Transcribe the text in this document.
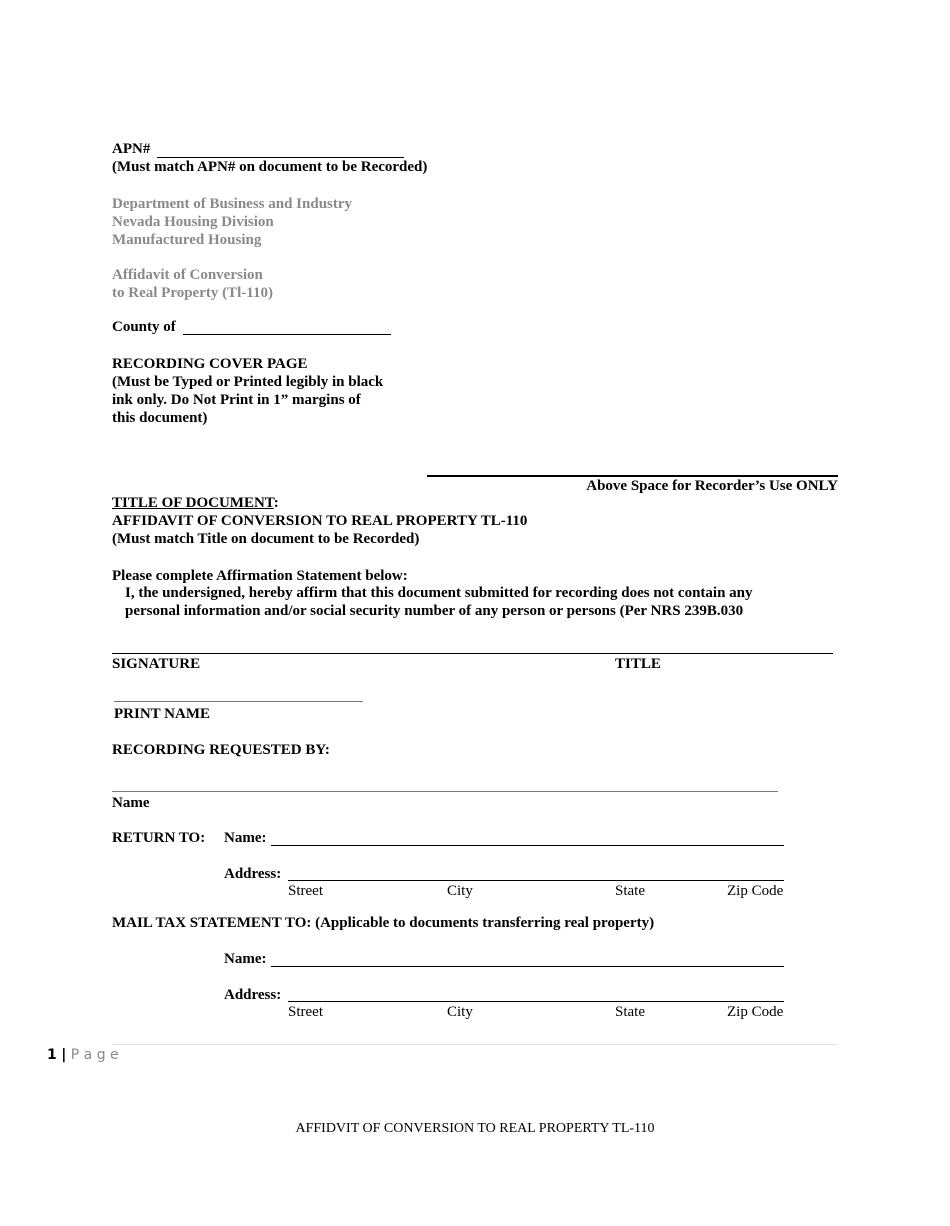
APN#
(Must match APN# on document to be Recorded)
Department of Business and Industry
Nevada Housing Division
Manufactured Housing
Affidavit of Conversion
to Real Property (Tl-110)
County of
RECORDING COVER PAGE
(Must be Typed or Printed legibly in black
ink only. Do Not Print in 1” margins of
this document)
Above Space for Recorder’s Use ONLY
TITLE OF DOCUMENT:
AFFIDAVIT OF CONVERSION TO REAL PROPERTY TL-110
(Must match Title on document to be Recorded)
Please complete Affirmation Statement below:
I, the undersigned, hereby affirm that this document submitted for recording does not contain any
personal information and/or social security number of any person or persons (Per NRS 239B.030
SIGNATURE	TITLE
PRINT NAME
RECORDING REQUESTED BY:
Name
RETURN TO: Name:
Address:
Street	City	State	Zip Code
MAIL TAX STATEMENT TO: (Applicable to documents transferring real property)
Name:
Address:
Street	City	State	Zip Code
1 | P a g e
AFFIDVIT OF CONVERSION TO REAL PROPERTY TL-110
